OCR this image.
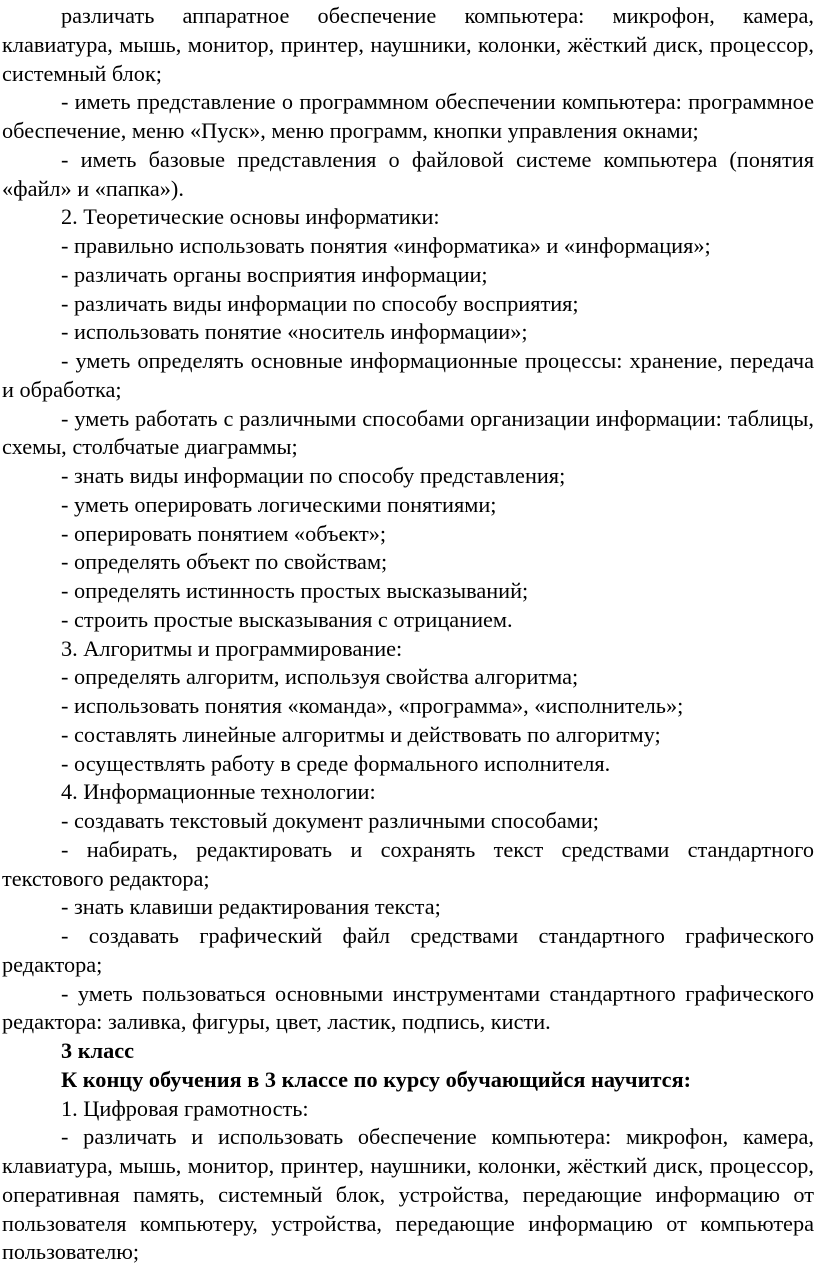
различать аппаратное обеспечение компьютера: микрофон, камера, клавиатура, мышь, монитор, принтер, наушники, колонки, жёсткий диск, процессор, системный блок;

- иметь представление о программном обеспечении компьютера: программное обеспечение, меню «Пуск», меню программ, кнопки управления окнами;

- иметь базовые представления о файловой системе компьютера (понятия «файл» и «папка»).

2. Теоретические основы информатики:

- правильно использовать понятия «информатика» и «информация»;

- различать органы восприятия информации;

- различать виды информации по способу восприятия;

- использовать понятие «носитель информации»;

- уметь определять основные информационные процессы: хранение, передача и обработка;

- уметь работать с различными способами организации информации: таблицы, схемы, столбчатые диаграммы;

- знать виды информации по способу представления;

- уметь оперировать логическими понятиями;

- оперировать понятием «объект»;

- определять объект по свойствам;

- определять истинность простых высказываний;

- строить простые высказывания с отрицанием.

3. Алгоритмы и программирование:

- определять алгоритм, используя свойства алгоритма;

- использовать понятия «команда», «программа», «исполнитель»;

- составлять линейные алгоритмы и действовать по алгоритму;

- осуществлять работу в среде формального исполнителя.

4. Информационные технологии:

- создавать текстовый документ различными способами;

- набирать, редактировать и сохранять текст средствами стандартного текстового редактора;

- знать клавиши редактирования текста;

- создавать графический файл средствами стандартного графического редактора;

- уметь пользоваться основными инструментами стандартного графического редактора: заливка, фигуры, цвет, ластик, подпись, кисти.

3 класс

К концу обучения в 3 классе по курсу обучающийся научится:

1. Цифровая грамотность:

- различать и использовать обеспечение компьютера: микрофон, камера, клавиатура, мышь, монитор, принтер, наушники, колонки, жёсткий диск, процессор, оперативная память, системный блок, устройства, передающие информацию от пользователя компьютеру, устройства, передающие информацию от компьютера пользователю;
